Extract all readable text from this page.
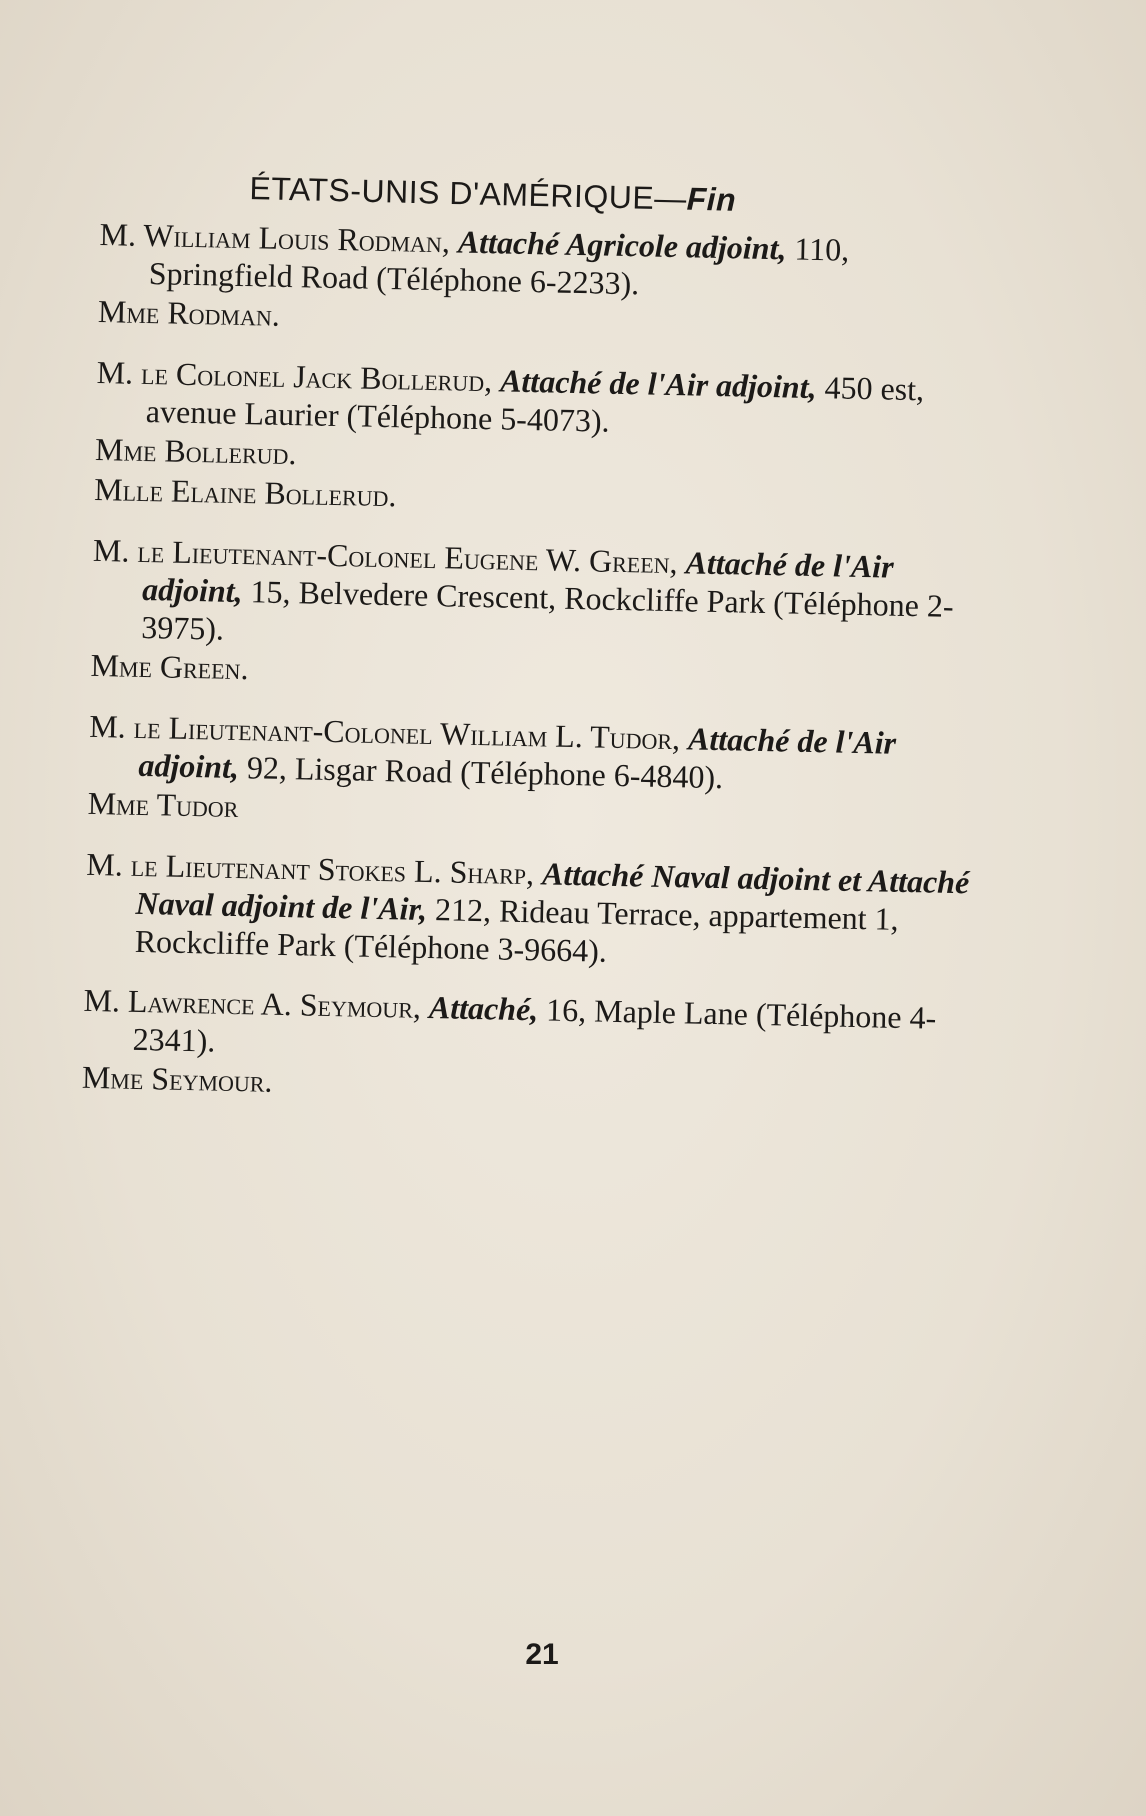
ÉTATS-UNIS D'AMÉRIQUE—Fin
M. William Louis Rodman, Attaché Agricole adjoint, 110, Springfield Road (Téléphone 6-2233).
Mme Rodman.
M. le Colonel Jack Bollerud, Attaché de l'Air adjoint, 450 est, avenue Laurier (Téléphone 5-4073).
Mme Bollerud.
Mlle Elaine Bollerud.
M. le Lieutenant-Colonel Eugene W. Green, Attaché de l'Air adjoint, 15, Belvedere Crescent, Rockcliffe Park (Téléphone 2-3975).
Mme Green.
M. le Lieutenant-Colonel William L. Tudor, Attaché de l'Air adjoint, 92, Lisgar Road (Téléphone 6-4840).
Mme Tudor
M. le Lieutenant Stokes L. Sharp, Attaché Naval adjoint et Attaché Naval adjoint de l'Air, 212, Rideau Terrace, appartement 1, Rockcliffe Park (Téléphone 3-9664).
M. Lawrence A. Seymour, Attaché, 16, Maple Lane (Téléphone 4-2341).
Mme Seymour.
21
